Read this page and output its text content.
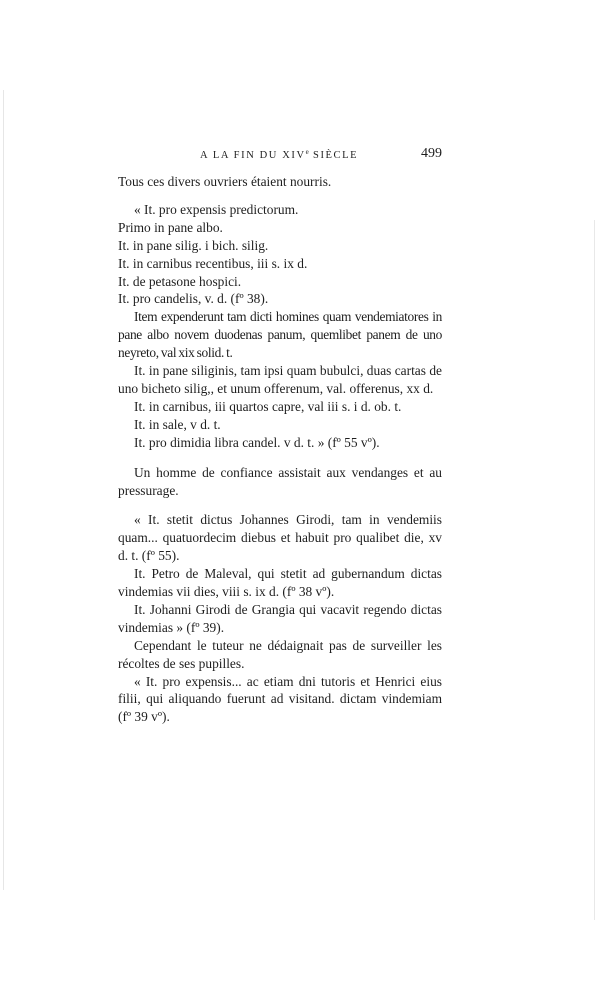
A LA FIN DU XIVe SIÈCLE	499

Tous ces divers ouvriers étaient nourris.

« It. pro expensis predictorum.

Primo in pane albo.

It. in pane silig. i bich. silig.

It. in carnibus recentibus, iii s. ix d.

It. de petasone hospici.

It. pro candelis, v. d. (fº 38).

Item expenderunt tam dicti homines quam vendemiatores in pane albo novem duodenas panum, quemlibet panem de uno neyreto, val xix solid. t.

It. in pane siliginis, tam ipsi quam bubulci, duas cartas de uno bicheto silig,, et unum offerenum, val. offerenus, xx d.

It. in carnibus, iii quartos capre, val iii s. i d. ob. t.

It. in sale, v d. t.

It. pro dimidia libra candel. v d. t. » (fº 55 vº).

Un homme de confiance assistait aux vendanges et au pressurage.

« It. stetit dictus Johannes Girodi, tam in vendemiis quam... quatuordecim diebus et habuit pro qualibet die, xv d. t. (fº 55).

It. Petro de Maleval, qui stetit ad gubernandum dictas vindemias vii dies, viii s. ix d. (fº 38 vº).

It. Johanni Girodi de Grangia qui vacavit regendo dictas vindemias » (fº 39).

Cependant le tuteur ne dédaignait pas de surveiller les récoltes de ses pupilles.

« It. pro expensis... ac etiam dni tutoris et Henrici eius filii, qui aliquando fuerunt ad visitand. dictam vindemiam (fº 39 vº).
